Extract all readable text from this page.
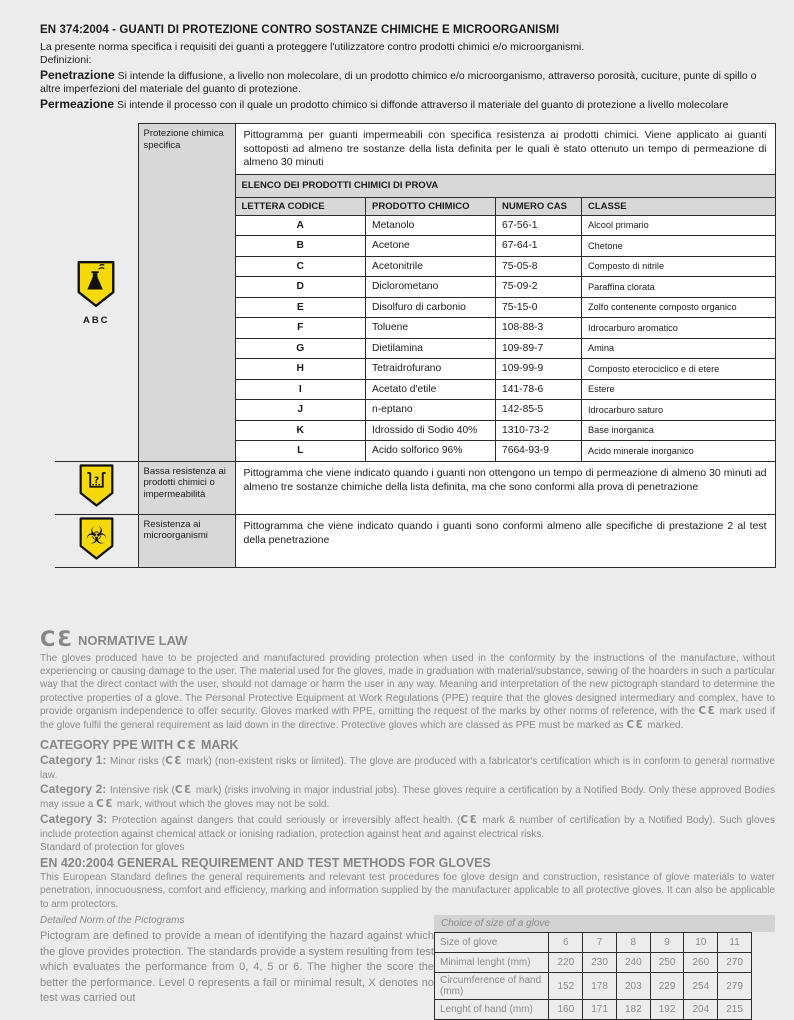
EN 374:2004 - GUANTI DI PROTEZIONE CONTRO SOSTANZE CHIMICHE E MICROORGANISMI

La presente norma specifica i requisiti dei guanti a proteggere l'utilizzatore contro prodotti chimici e/o microorganismi.

Definizioni:

Penetrazione Si intende la diffusione, a livello non molecolare, di un prodotto chimico e/o microorganismo, attraverso porosità, cuciture, punte di spillo o altre imperfezioni del materiale del guanto di protezione.

Permeazione Si intende il processo con il quale un prodotto chimico si diffonde attraverso il materiale del guanto di protezione a livello molecolare

ABC
	Protezione chimica specifica	
Pittogramma per guanti impermeabili con specifica resistenza ai prodotti chimici. Viene applicato ai guanti sottoposti ad almeno tre sostanze della lista definita per le quali è stato ottenuto un tempo di permeazione di almeno 30 minuti
ELENCO DEI PRODOTTI CHIMICI DI PROVA
LETTERA CODICE	PRODOTTO CHIMICO	NUMERO CAS	CLASSE
A	Metanolo	67-56-1	Alcool primario
B	Acetone	67-64-1	Chetone
C	Acetonitrile	75-05-8	Composto di nitrile
D	Diclorometano	75-09-2	Paraffina clorata
E	Disolfuro di carbonio	75-15-0	Zolfo contenente composto organico
F	Toluene	108-88-3	Idrocarburo aromatico
G	Dietilamina	109-89-7	Amina
H	Tetraidrofurano	109-99-9	Composto eterociclico e di etere
I	Acetato d'etile	141-78-6	Estere
J	n-eptano	142-85-5	Idrocarburo saturo
K	Idrossido di Sodio 40%	1310-73-2	Base inorganica
L	Acido solforico 96%	7664-93-9	Acido minerale inorganico

?
	Bassa resistenza ai prodotti chimici o impermeabilità	
Pittogramma che viene indicato quando i guanti non ottengono un tempo di permeazione di almeno 30 minuti ad almeno tre sostanze chimiche della lista definita, ma che sono conformi alla prova di penetrazione

☣	Resistenza ai microorganismi	
Pittogramma che viene indicato quando i guanti sono conformi almeno alle specifiche di prestazione 2 al test della penetrazione
CƐ NORMATIVE LAW

The gloves produced have to be projected and manufactured providing protection when used in the conformity by the instructions of the manufacture, without experiencing or causing damage to the user. The material used for the gloves, made in graduation with material/substance, sewing of the hoarders in such a particular way that the direct contact with the user, should not damage or harm the user in any way. Meaning and interpretation of the new pictograph standard to determine the protective properties of a glove. The Personal Protective Equipment at Work Regulations (PPE) require that the gloves designed intermediary and complex, have to provide organism independence to offer security. Gloves marked with PPE, omitting the request of the marks by other norms of reference, with the CƐ mark used if the glove fulfil the general requirement as laid down in the directive. Protective gloves which are classed as PPE must be marked as CƐ marked.

CATEGORY PPE WITH CƐ MARK

Category 1: Minor risks (CƐ mark) (non-existent risks or limited). The glove are produced with a fabricator's certification which is in conform to general normative law.

Category 2: Intensive risk (CƐ mark) (risks involving in major industrial jobs). These gloves require a certification by a Notified Body. Only these approved Bodies may issue a CƐ mark, without which the gloves may not be sold.

Category 3: Protection against dangers that could seriously or irreversibly affect health. (CƐ mark & number of certification by a Notified Body). Such gloves include protection against chemical attack or ionising radiation, protection against heat and against electrical risks.

Standard of protection for gloves

EN 420:2004 GENERAL REQUIREMENT AND TEST METHODS FOR GLOVES

This European Standard defines the general requirements and relevant test procedures foe glove design and construction, resistance of glove materials to water penetration, innocuousness, comfort and efficiency, marking and information supplied by the manufacturer applicable to all protective gloves. It can also be applicable to arm protectors.

Detailed Norm of the Pictograms

Pictogram are defined to provide a mean of identifying the hazard against which the glove provides protection. The standards provide a system resulting from test which evaluates the performance from 0, 4, 5 or 6. The higher the score the better the performance. Level 0 represents a fail or minimal result, X denotes no test was carried out

Choice of size of a glove
Size of glove	6	7	8	9	10	11
Minimal lenght (mm)	220	230	240	250	260	270
Circumference of hand (mm)	152	178	203	229	254	279
Lenght of hand (mm)	160	171	182	192	204	215
